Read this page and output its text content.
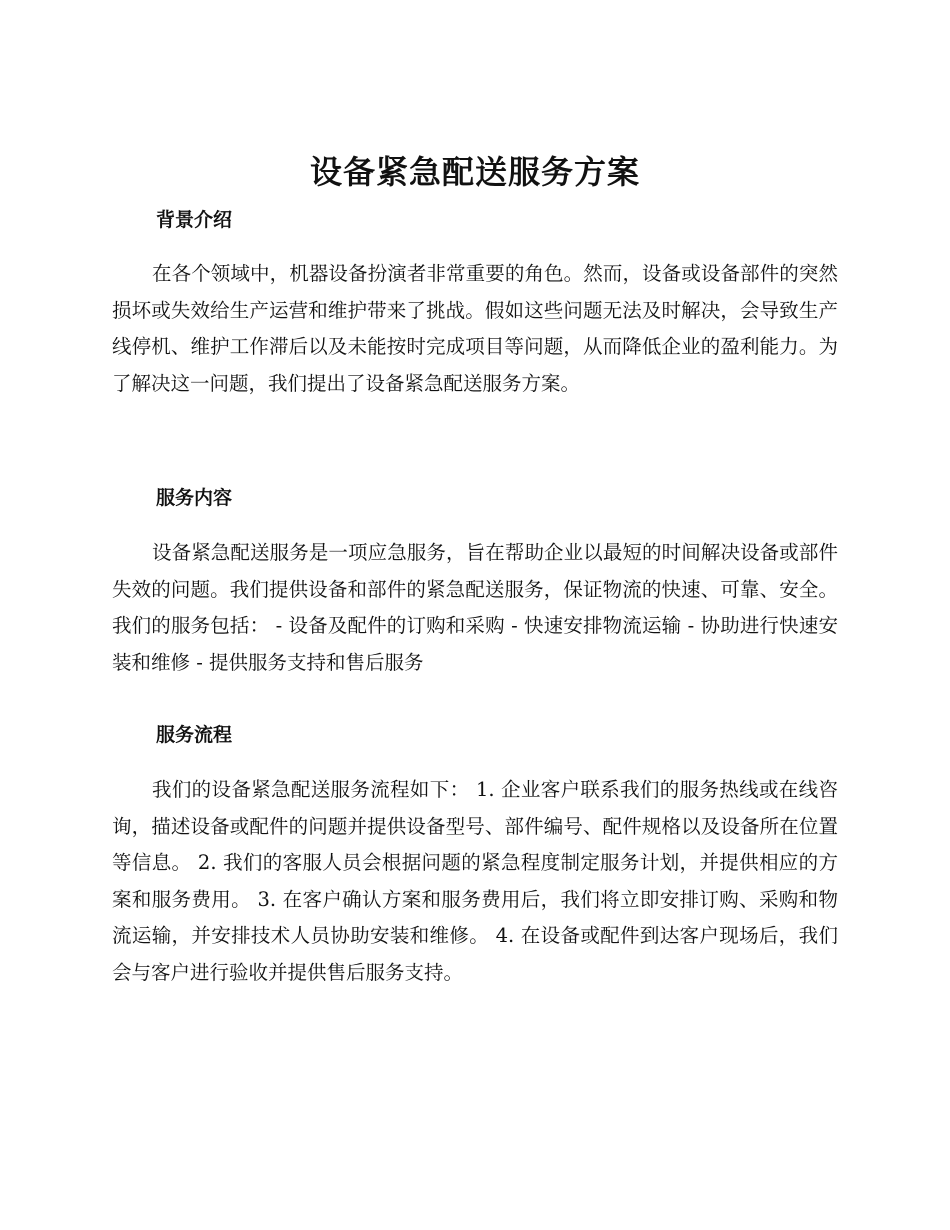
设备紧急配送服务方案
背景介绍

在各个领域中，机器设备扮演者非常重要的角色。然而，设备或设备部件的突然损坏或失效给生产运营和维护带来了挑战。假如这些问题无法及时解决，会导致生产线停机、维护工作滞后以及未能按时完成项目等问题，从而降低企业的盈利能力。为了解决这一问题，我们提出了设备紧急配送服务方案。

服务内容

设备紧急配送服务是一项应急服务，旨在帮助企业以最短的时间解决设备或部件失效的问题。我们提供设备和部件的紧急配送服务，保证物流的快速、可靠、安全。我们的服务包括： - 设备及配件的订购和采购 - 快速安排物流运输 - 协助进行快速安装和维修 - 提供服务支持和售后服务

服务流程

我们的设备紧急配送服务流程如下： 1. 企业客户联系我们的服务热线或在线咨询，描述设备或配件的问题并提供设备型号、部件编号、配件规格以及设备所在位置等信息。 2. 我们的客服人员会根据问题的紧急程度制定服务计划，并提供相应的方案和服务费用。 3. 在客户确认方案和服务费用后，我们将立即安排订购、采购和物流运输，并安排技术人员协助安装和维修。 4. 在设备或配件到达客户现场后，我们会与客户进行验收并提供售后服务支持。
